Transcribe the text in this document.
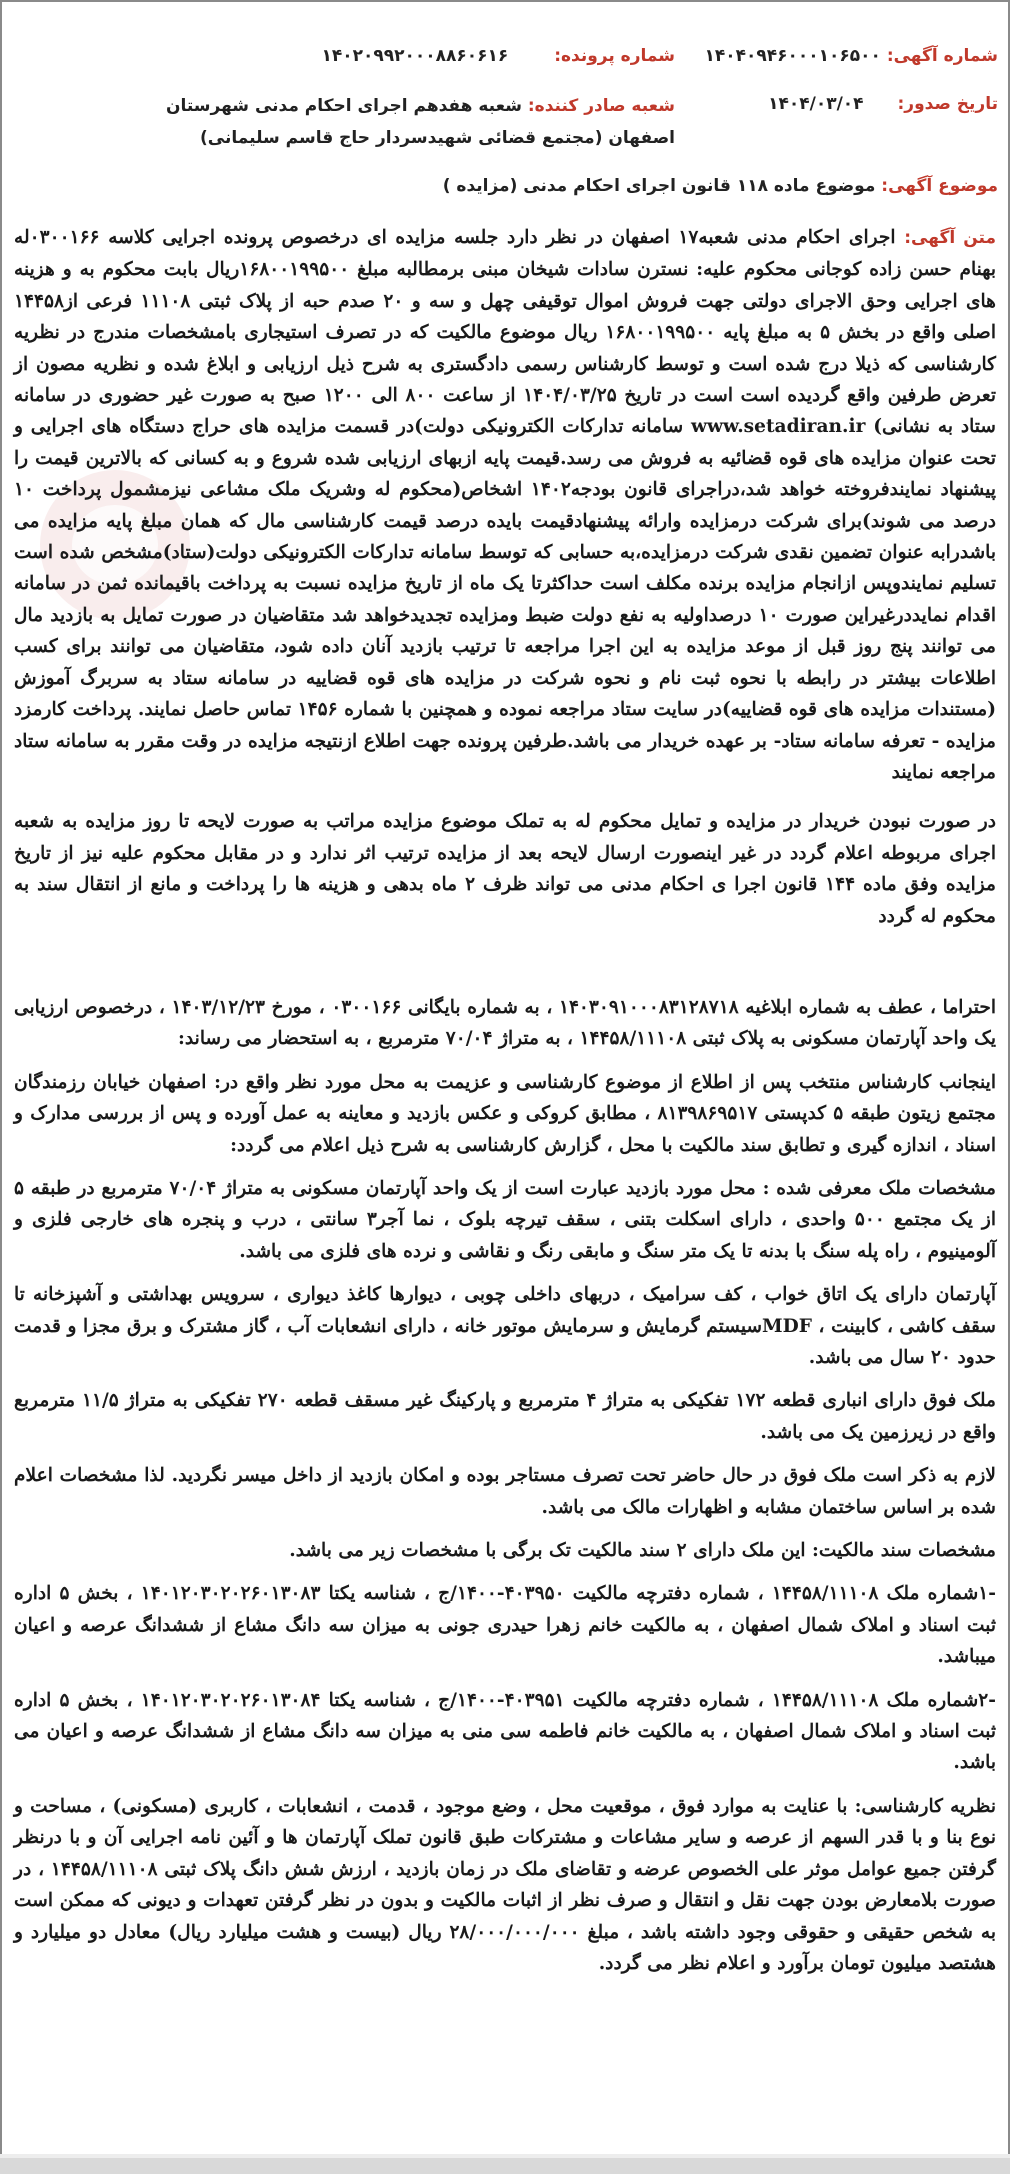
شماره آگهی: ۱۴۰۴۰۹۴۶۰۰۰۱۰۶۵۰۰
شماره پرونده: ۱۴۰۲۰۹۹۲۰۰۰۸۸۶۰۶۱۶
تاریخ صدور: ۱۴۰۴/۰۳/۰۴
شعبه صادر کننده: شعبه هفدهم اجرای احکام مدنی شهرستان اصفهان (مجتمع قضائی شهیدسردار حاج قاسم سلیمانی)
موضوع آگهی: موضوع ماده ۱۱۸ قانون اجرای احکام مدنی (مزایده )

متن آگهی: اجرای احکام مدنی شعبه۱۷ اصفهان در نظر دارد جلسه مزایده ای درخصوص پرونده اجرایی کلاسه ۰۳۰۰۱۶۶له بهنام حسن زاده کوجانی محکوم علیه: نسترن سادات شیخان مبنی برمطالبه مبلغ ۱۶۸۰۰۱۹۹۵۰۰ریال بابت محکوم به و هزینه های اجرایی وحق الاجرای دولتی جهت فروش اموال توقیفی چهل و سه و ۲۰ صدم حبه از پلاک ثبتی ۱۱۱۰۸ فرعی از۱۴۴۵۸ اصلی واقع در بخش ۵ به مبلغ پایه ۱۶۸۰۰۱۹۹۵۰۰ ریال موضوع مالکیت که در تصرف استیجاری بامشخصات مندرج در نظریه کارشناسی که ذیلا درج شده است و توسط کارشناس رسمی دادگستری به شرح ذیل ارزیابی و ابلاغ شده و نظریه مصون از تعرض طرفین واقع گردیده است است در تاریخ ۱۴۰۴/۰۳/۲۵ از ساعت ۸۰۰ الی ۱۲۰۰ صبح به صورت غیر حضوری در سامانه ستاد به نشانی) www.setadiran.ir سامانه تدارکات الکترونیکی دولت)در قسمت مزایده های حراج دستگاه های اجرایی و تحت عنوان مزایده های قوه قضائیه به فروش می رسد.قیمت پایه ازبهای ارزیابی شده شروع و به کسانی که بالاترین قیمت را پیشنهاد نمایندفروخته خواهد شد،دراجرای قانون بودجه۱۴۰۲ اشخاص(محکوم له وشریک ملک مشاعی نیزمشمول پرداخت ۱۰ درصد می شوند)برای شرکت درمزایده وارائه پیشنهادقیمت بایده درصد قیمت کارشناسی مال که همان مبلغ پایه مزایده می باشدرابه عنوان تضمین نقدی شرکت درمزایده،به حسابی که توسط سامانه تدارکات الکترونیکی دولت(ستاد)مشخص شده است تسلیم نمایندوپس ازانجام مزایده برنده مکلف است حداکثرتا یک ماه از تاریخ مزایده نسبت به پرداخت باقیمانده ثمن در سامانه اقدام نمایددرغیراین صورت ۱۰ درصداولیه به نفع دولت ضبط ومزایده تجدیدخواهد شد متقاضیان در صورت تمایل به بازدید مال می توانند پنج روز قبل از موعد مزایده به این اجرا مراجعه تا ترتیب بازدید آنان داده شود، متقاضیان می توانند برای کسب اطلاعات بیشتر در رابطه با نحوه ثبت نام و نحوه شرکت در مزایده های قوه قضاییه در سامانه ستاد به سربرگ آموزش (مستندات مزایده های قوه قضاییه)در سایت ستاد مراجعه نموده و همچنین با شماره ۱۴۵۶ تماس حاصل نمایند. پرداخت کارمزد مزایده - تعرفه سامانه ستاد- بر عهده خریدار می باشد.طرفین پرونده جهت اطلاع ازنتیجه مزایده در وقت مقرر به سامانه ستاد مراجعه نمایند

در صورت نبودن خریدار در مزایده و تمایل محکوم له به تملک موضوع مزایده مراتب به صورت لایحه تا روز مزایده به شعبه اجرای مربوطه اعلام گردد در غیر اینصورت ارسال لایحه بعد از مزایده ترتیب اثر ندارد و در مقابل محکوم علیه نیز از تاریخ مزایده وفق ماده ۱۴۴ قانون اجرا ی احکام مدنی می تواند ظرف ۲ ماه بدهی و هزینه ها را پرداخت و مانع از انتقال سند به محکوم له گردد

احتراما ، عطف به شماره ابلاغیه ۱۴۰۳۰۹۱۰۰۰۸۳۱۲۸۷۱۸ ، به شماره بایگانی ۰۳۰۰۱۶۶ ، مورخ ۱۴۰۳/۱۲/۲۳ ، درخصوص ارزیابی یک واحد آپارتمان مسکونی به پلاک ثبتی ۱۴۴۵۸/۱۱۱۰۸ ، به متراژ ۷۰/۰۴ مترمربع ، به استحضار می رساند:

اینجانب کارشناس منتخب پس از اطلاع از موضوع کارشناسی و عزیمت به محل مورد نظر واقع در: اصفهان خیابان رزمندگان مجتمع زیتون طبقه ۵ کدپستی ۸۱۳۹۸۶۹۵۱۷ ، مطابق کروکی و عکس بازدید و معاینه به عمل آورده و پس از بررسی مدارک و اسناد ، اندازه گیری و تطابق سند مالکیت با محل ، گزارش کارشناسی به شرح ذیل اعلام می گردد:

مشخصات ملک معرفی شده : محل مورد بازدید عبارت است از یک واحد آپارتمان مسکونی به متراژ ۷۰/۰۴ مترمربع در طبقه ۵ از یک مجتمع ۵۰۰ واحدی ، دارای اسکلت بتنی ، سقف تیرچه بلوک ، نما آجر۳ سانتی ، درب و پنجره های خارجی فلزی و آلومینیوم ، راه پله سنگ با بدنه تا یک متر سنگ و مابقی رنگ و نقاشی و نرده های فلزی می باشد.

آپارتمان دارای یک اتاق خواب ، کف سرامیک ، دربهای داخلی چوبی ، دیوارها کاغذ دیواری ، سرویس بهداشتی و آشپزخانه تا سقف کاشی ، کابینت ، MDFسیستم گرمایش و سرمایش موتور خانه ، دارای انشعابات آب ، گاز مشترک و برق مجزا و قدمت حدود ۲۰ سال می باشد.

ملک فوق دارای انباری قطعه ۱۷۲ تفکیکی به متراژ ۴ مترمربع و پارکینگ غیر مسقف قطعه ۲۷۰ تفکیکی به متراژ ۱۱/۵ مترمربع واقع در زیرزمین یک می باشد.

لازم به ذکر است ملک فوق در حال حاضر تحت تصرف مستاجر بوده و امکان بازدید از داخل میسر نگردید. لذا مشخصات اعلام شده بر اساس ساختمان مشابه و اظهارات مالک می باشد.

مشخصات سند مالکیت: این ملک دارای ۲ سند مالکیت تک برگی با مشخصات زیر می باشد.

-۱شماره ملک ۱۴۴۵۸/۱۱۱۰۸ ، شماره دفترچه مالکیت ۴۰۳۹۵۰-۱۴۰۰/ج ، شناسه یکتا ۱۴۰۱۲۰۳۰۲۰۲۶۰۱۳۰۸۳ ، بخش ۵ اداره ثبت اسناد و املاک شمال اصفهان ، به مالکیت خانم زهرا حیدری جونی به میزان سه دانگ مشاع از ششدانگ عرصه و اعیان میباشد.

-۲شماره ملک ۱۴۴۵۸/۱۱۱۰۸ ، شماره دفترچه مالکیت ۴۰۳۹۵۱-۱۴۰۰/ج ، شناسه یکتا ۱۴۰۱۲۰۳۰۲۰۲۶۰۱۳۰۸۴ ، بخش ۵ اداره ثبت اسناد و املاک شمال اصفهان ، به مالکیت خانم فاطمه سی منی به میزان سه دانگ مشاع از ششدانگ عرصه و اعیان می باشد.

نظریه کارشناسی: با عنایت به موارد فوق ، موقعیت محل ، وضع موجود ، قدمت ، انشعابات ، کاربری (مسکونی) ، مساحت و نوع بنا و با قدر السهم از عرصه و سایر مشاعات و مشترکات طبق قانون تملک آپارتمان ها و آئین نامه اجرایی آن و با درنظر گرفتن جمیع عوامل موثر علی الخصوص عرضه و تقاضای ملک در زمان بازدید ، ارزش شش دانگ پلاک ثبتی ۱۴۴۵۸/۱۱۱۰۸ ، در صورت بلامعارض بودن جهت نقل و انتقال و صرف نظر از اثبات مالکیت و بدون در نظر گرفتن تعهدات و دیونی که ممکن است به شخص حقیقی و حقوقی وجود داشته باشد ، مبلغ ۲۸/۰۰۰/۰۰۰/۰۰۰ ریال (بیست و هشت میلیارد ریال) معادل دو میلیارد و هشتصد میلیون تومان برآورد و اعلام نظر می گردد.
